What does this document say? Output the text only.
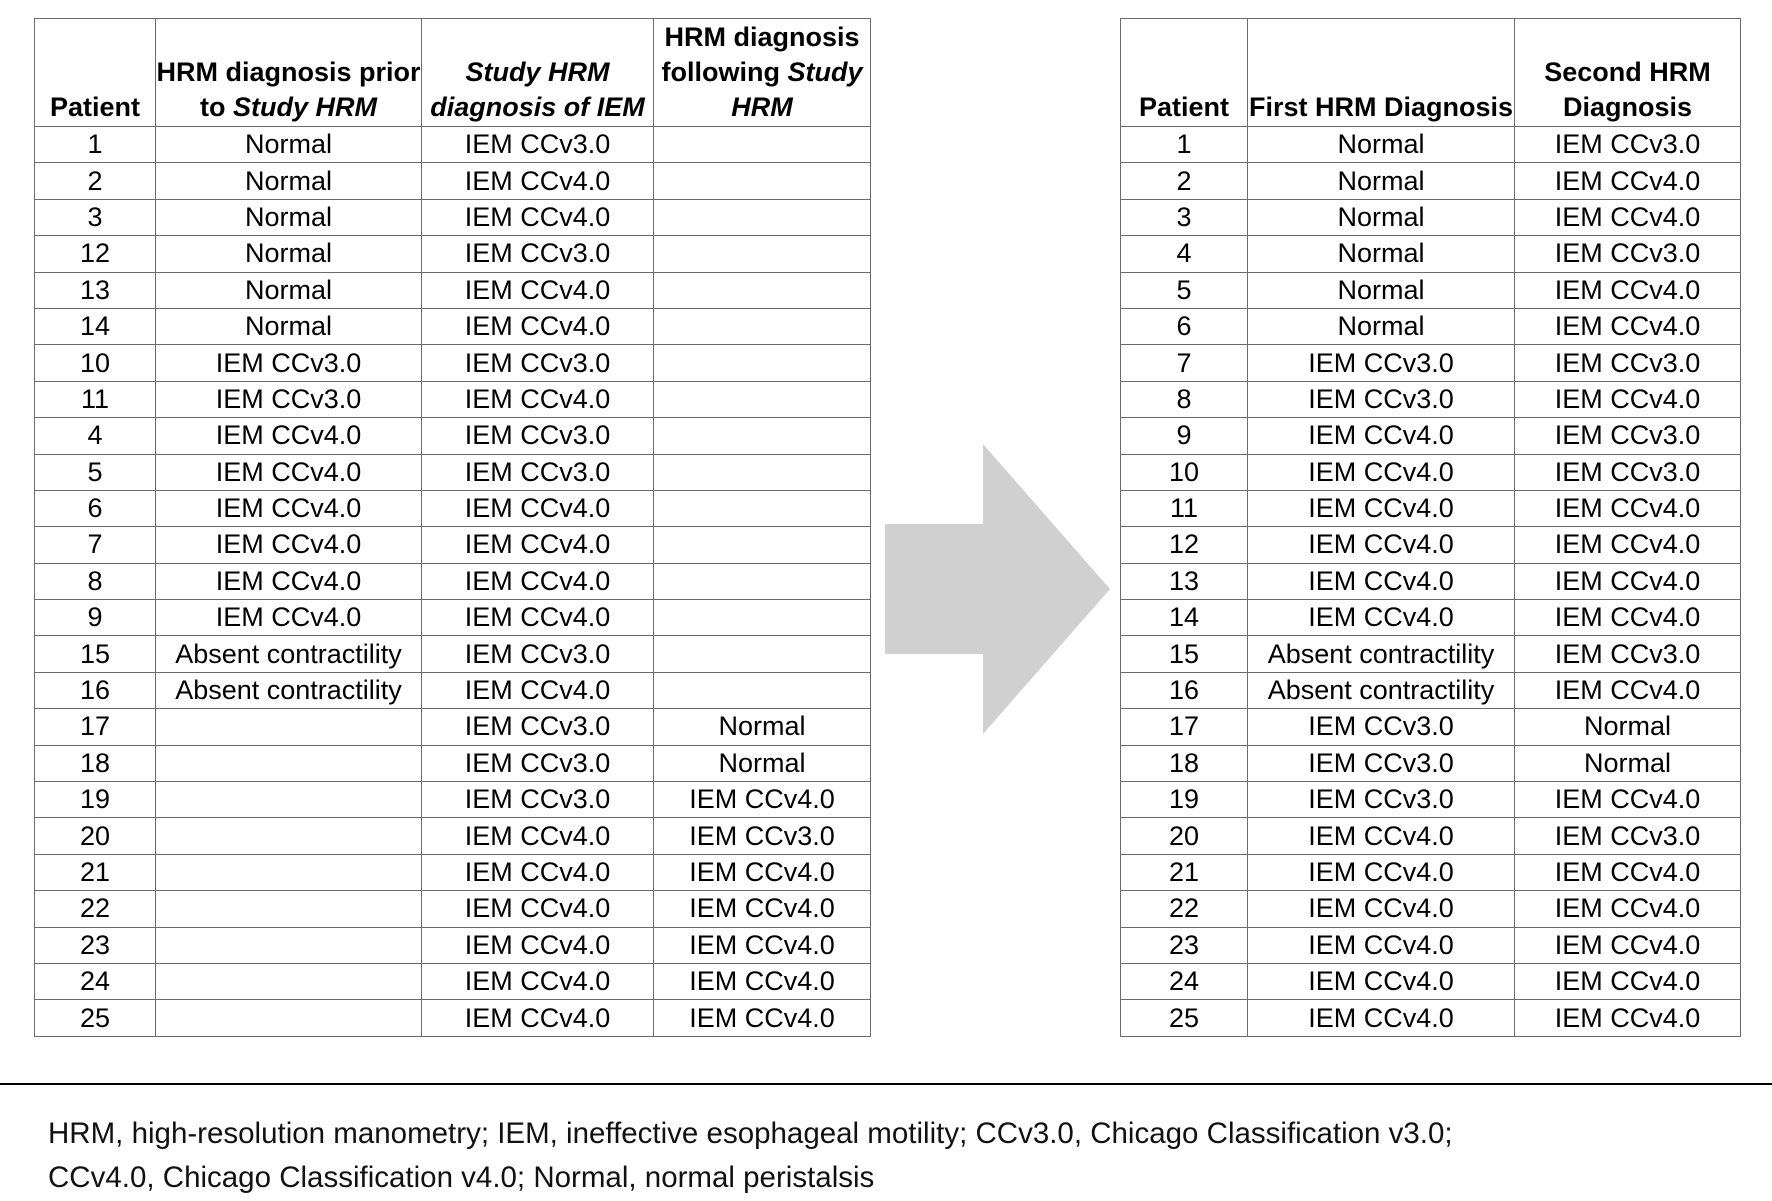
Patient	HRM diagnosis prior to Study HRM	Study HRM diagnosis of IEM	HRM diagnosis following Study HRM
1	Normal	IEM CCv3.0	
2	Normal	IEM CCv4.0	
3	Normal	IEM CCv4.0	
12	Normal	IEM CCv3.0	
13	Normal	IEM CCv4.0	
14	Normal	IEM CCv4.0	
10	IEM CCv3.0	IEM CCv3.0	
11	IEM CCv3.0	IEM CCv4.0	
4	IEM CCv4.0	IEM CCv3.0	
5	IEM CCv4.0	IEM CCv3.0	
6	IEM CCv4.0	IEM CCv4.0	
7	IEM CCv4.0	IEM CCv4.0	
8	IEM CCv4.0	IEM CCv4.0	
9	IEM CCv4.0	IEM CCv4.0	
15	Absent contractility	IEM CCv3.0	
16	Absent contractility	IEM CCv4.0	
17		IEM CCv3.0	Normal
18		IEM CCv3.0	Normal
19		IEM CCv3.0	IEM CCv4.0
20		IEM CCv4.0	IEM CCv3.0
21		IEM CCv4.0	IEM CCv4.0
22		IEM CCv4.0	IEM CCv4.0
23		IEM CCv4.0	IEM CCv4.0
24		IEM CCv4.0	IEM CCv4.0
25		IEM CCv4.0	IEM CCv4.0
Patient	First HRM Diagnosis	Second HRM Diagnosis
1	Normal	IEM CCv3.0
2	Normal	IEM CCv4.0
3	Normal	IEM CCv4.0
4	Normal	IEM CCv3.0
5	Normal	IEM CCv4.0
6	Normal	IEM CCv4.0
7	IEM CCv3.0	IEM CCv3.0
8	IEM CCv3.0	IEM CCv4.0
9	IEM CCv4.0	IEM CCv3.0
10	IEM CCv4.0	IEM CCv3.0
11	IEM CCv4.0	IEM CCv4.0
12	IEM CCv4.0	IEM CCv4.0
13	IEM CCv4.0	IEM CCv4.0
14	IEM CCv4.0	IEM CCv4.0
15	Absent contractility	IEM CCv3.0
16	Absent contractility	IEM CCv4.0
17	IEM CCv3.0	Normal
18	IEM CCv3.0	Normal
19	IEM CCv3.0	IEM CCv4.0
20	IEM CCv4.0	IEM CCv3.0
21	IEM CCv4.0	IEM CCv4.0
22	IEM CCv4.0	IEM CCv4.0
23	IEM CCv4.0	IEM CCv4.0
24	IEM CCv4.0	IEM CCv4.0
25	IEM CCv4.0	IEM CCv4.0
HRM, high-resolution manometry; IEM, ineffective esophageal motility; CCv3.0, Chicago Classification v3.0;
CCv4.0, Chicago Classification v4.0; Normal, normal peristalsis
